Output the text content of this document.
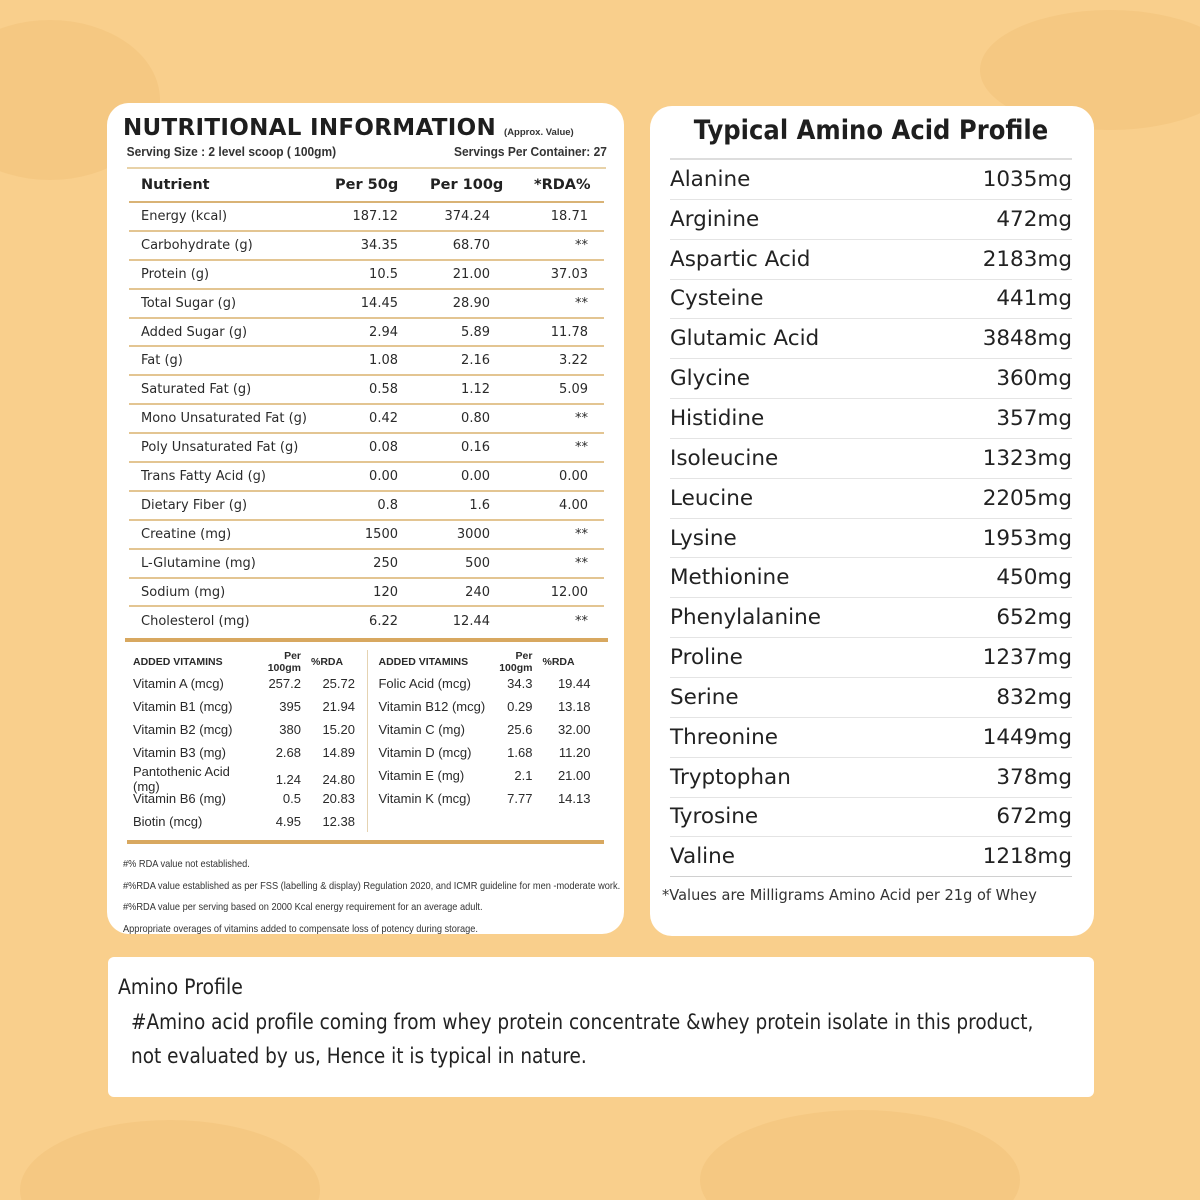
NUTRITIONAL INFORMATION (Approx. Value)
Serving Size : 2 level scoop ( 100gm)	Servings Per Container: 27
Nutrient	Per 50g	Per 100g	*RDA%
Energy (kcal)	187.12	374.24	18.71
Carbohydrate (g)	34.35	68.70	**
Protein (g)	10.5	21.00	37.03
Total Sugar (g)	14.45	28.90	**
Added Sugar (g)	2.94	5.89	11.78
Fat (g)	1.08	2.16	3.22
Saturated Fat (g)	0.58	1.12	5.09
Mono Unsaturated Fat (g)	0.42	0.80	**
Poly Unsaturated Fat (g)	0.08	0.16	**
Trans Fatty Acid (g)	0.00	0.00	0.00
Dietary Fiber (g)	0.8	1.6	4.00
Creatine (mg)	1500	3000	**
L-Glutamine (mg)	250	500	**
Sodium (mg)	120	240	12.00
Cholesterol (mg)	6.22	12.44	**
ADDED VITAMINS	Per 100gm %RDA
Vitamin A (mcg)	257.2	25.72
Vitamin B1 (mcg)	395	21.94
Vitamin B2 (mcg)	380	15.20
Vitamin B3 (mg)	2.68	14.89
Pantothenic Acid (mg)	1.24	24.80
Vitamin B6 (mg)	0.5	20.83
Biotin (mcg)	4.95	12.38
ADDED VITAMINS	Per 100gm %RDA
Folic Acid (mcg)	34.3	19.44
Vitamin B12 (mcg)	0.29	13.18
Vitamin C (mg)	25.6	32.00
Vitamin D (mcg)	1.68	11.20
Vitamin E (mg)	2.1	21.00
Vitamin K (mcg)	7.77	14.13
#% RDA value not established.
#%RDA value established as per FSS (labelling & display) Regulation 2020, and ICMR guideline for men -moderate work.
#%RDA value per serving based on 2000 Kcal energy requirement for an average adult.
Appropriate overages of vitamins added to compensate loss of potency during storage.
Typical Amino Acid Profile
Alanine	1035mg
Arginine	472mg
Aspartic Acid	2183mg
Cysteine	441mg
Glutamic Acid	3848mg
Glycine	360mg
Histidine	357mg
Isoleucine	1323mg
Leucine	2205mg
Lysine	1953mg
Methionine	450mg
Phenylalanine	652mg
Proline	1237mg
Serine	832mg
Threonine	1449mg
Tryptophan	378mg
Tyrosine	672mg
Valine	1218mg
*Values are Milligrams Amino Acid per 21g of Whey
Amino Profile
#Amino acid profile coming from whey protein concentrate &whey protein isolate in this product,
not evaluated by us, Hence it is typical in nature.
